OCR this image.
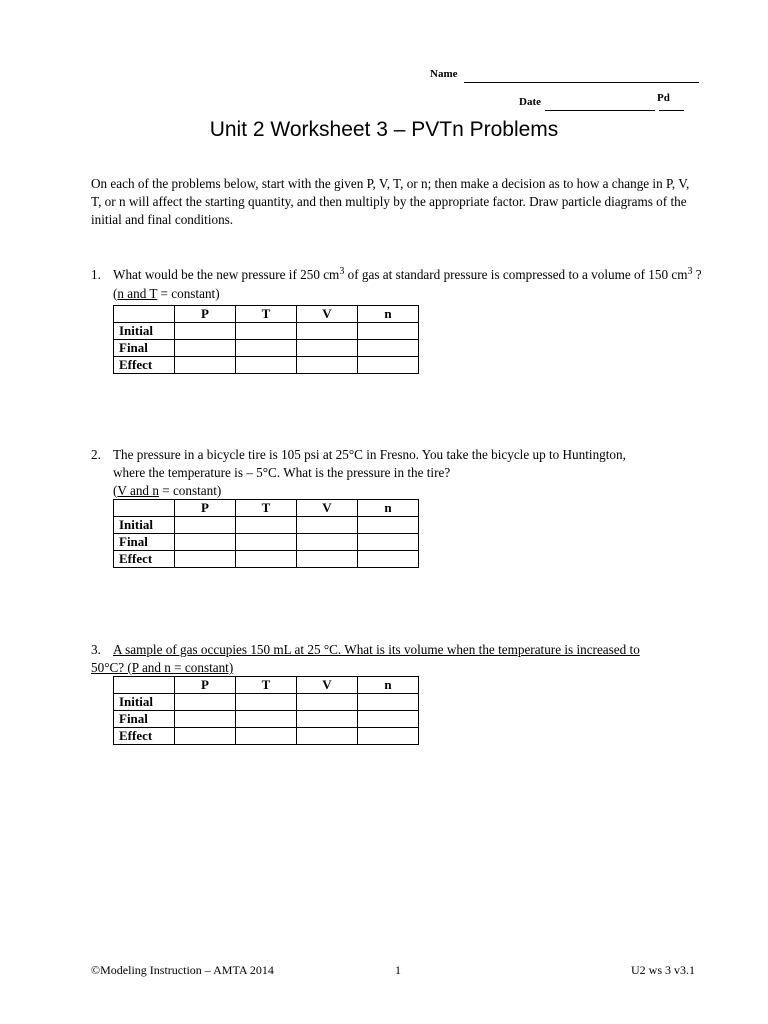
Name
Date	Pd

Unit 2 Worksheet 3 – PVTn Problems
On each of the problems below, start with the given P, V, T, or n; then make a decision as to how a change in P, V, T, or n will affect the starting quantity, and then multiply by the appropriate factor. Draw particle diagrams of the initial and final conditions.
1. What would be the new pressure if 250 $cm^3$ of gas at standard pressure is compressed to a volume of 150 $cm^3$ ? (n and T = constant)
	P	T	V	n
Initial				
Final				
Effect				
2. The pressure in a bicycle tire is 105 psi at 25°C in Fresno. You take the bicycle up to Huntington, where the temperature is – 5°C. What is the pressure in the tire?
(V and n = constant)
	P	T	V	n
Initial				
Final				
Effect				
3. A sample of gas occupies 150 mL at 25 °C. What is its volume when the temperature is increased to 50°C? (P and n = constant)
	P	T	V	n
Initial				
Final				
Effect				
©Modeling Instruction – AMTA 2014	1	U2 ws 3 v3.1
